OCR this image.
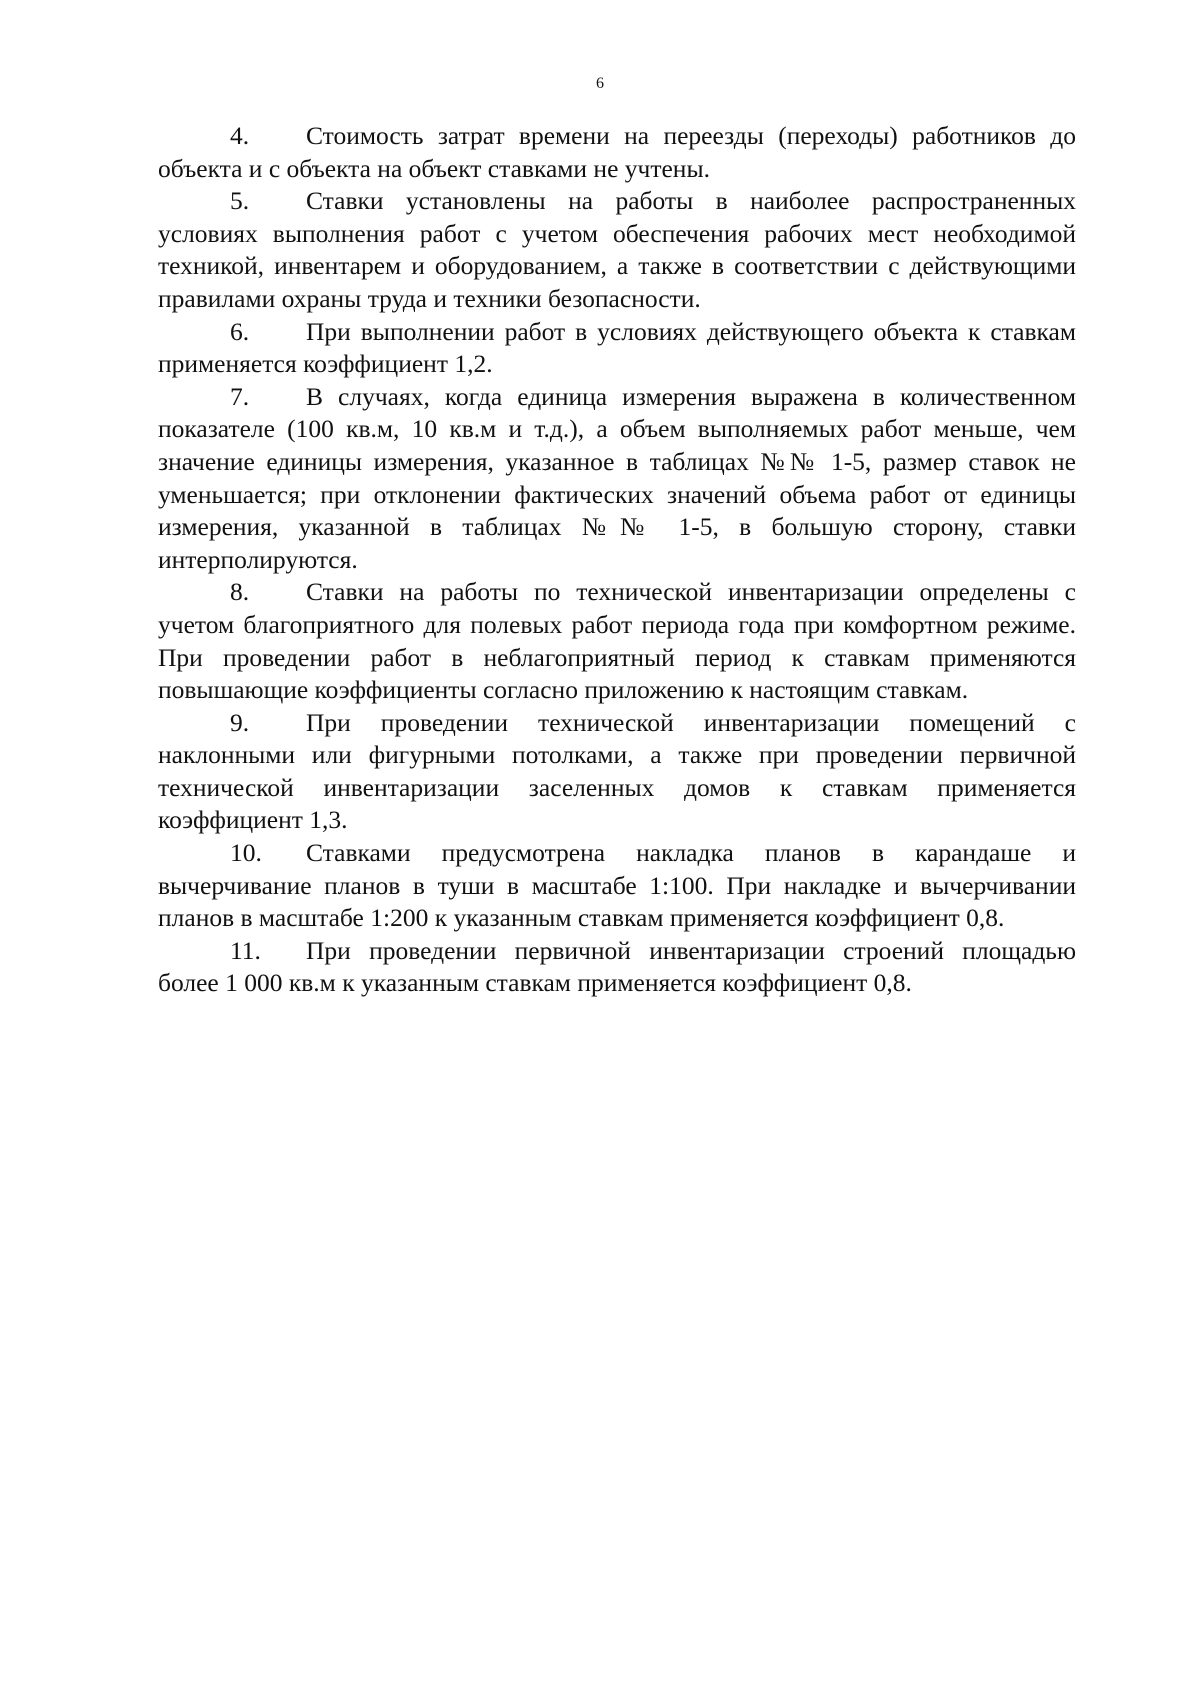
6

4. Стоимость затрат времени на переезды (переходы) работников до объекта и с объекта на объект ставками не учтены.

5. Ставки установлены на работы в наиболее распространенных условиях выполнения работ с учетом обеспечения рабочих мест необходимой техникой, инвентарем и оборудованием, а также в соответствии с действующими правилами охраны труда и техники безопасности.

6. При выполнении работ в условиях действующего объекта к ставкам применяется коэффициент 1,2.

7. В случаях, когда единица измерения выражена в количественном показателе (100 кв.м, 10 кв.м и т.д.), а объем выполняемых работ меньше, чем значение единицы измерения, указанное в таблицах №№ 1-5, размер ставок не уменьшается; при отклонении фактических значений объема работ от единицы измерения, указанной в таблицах №№ 1-5, в большую сторону, ставки интерполируются.

8. Ставки на работы по технической инвентаризации определены с учетом благоприятного для полевых работ периода года при комфортном режиме. При проведении работ в неблагоприятный период к ставкам применяются повышающие коэффициенты согласно приложению к настоящим ставкам.

9. При проведении технической инвентаризации помещений с наклонными или фигурными потолками, а также при проведении первичной технической инвентаризации заселенных домов к ставкам применяется коэффициент 1,3.

10. Ставками предусмотрена накладка планов в карандаше и вычерчивание планов в туши в масштабе 1:100. При накладке и вычерчивании планов в масштабе 1:200 к указанным ставкам применяется коэффициент 0,8.

11. При проведении первичной инвентаризации строений площадью более 1 000 кв.м к указанным ставкам применяется коэффициент 0,8.
